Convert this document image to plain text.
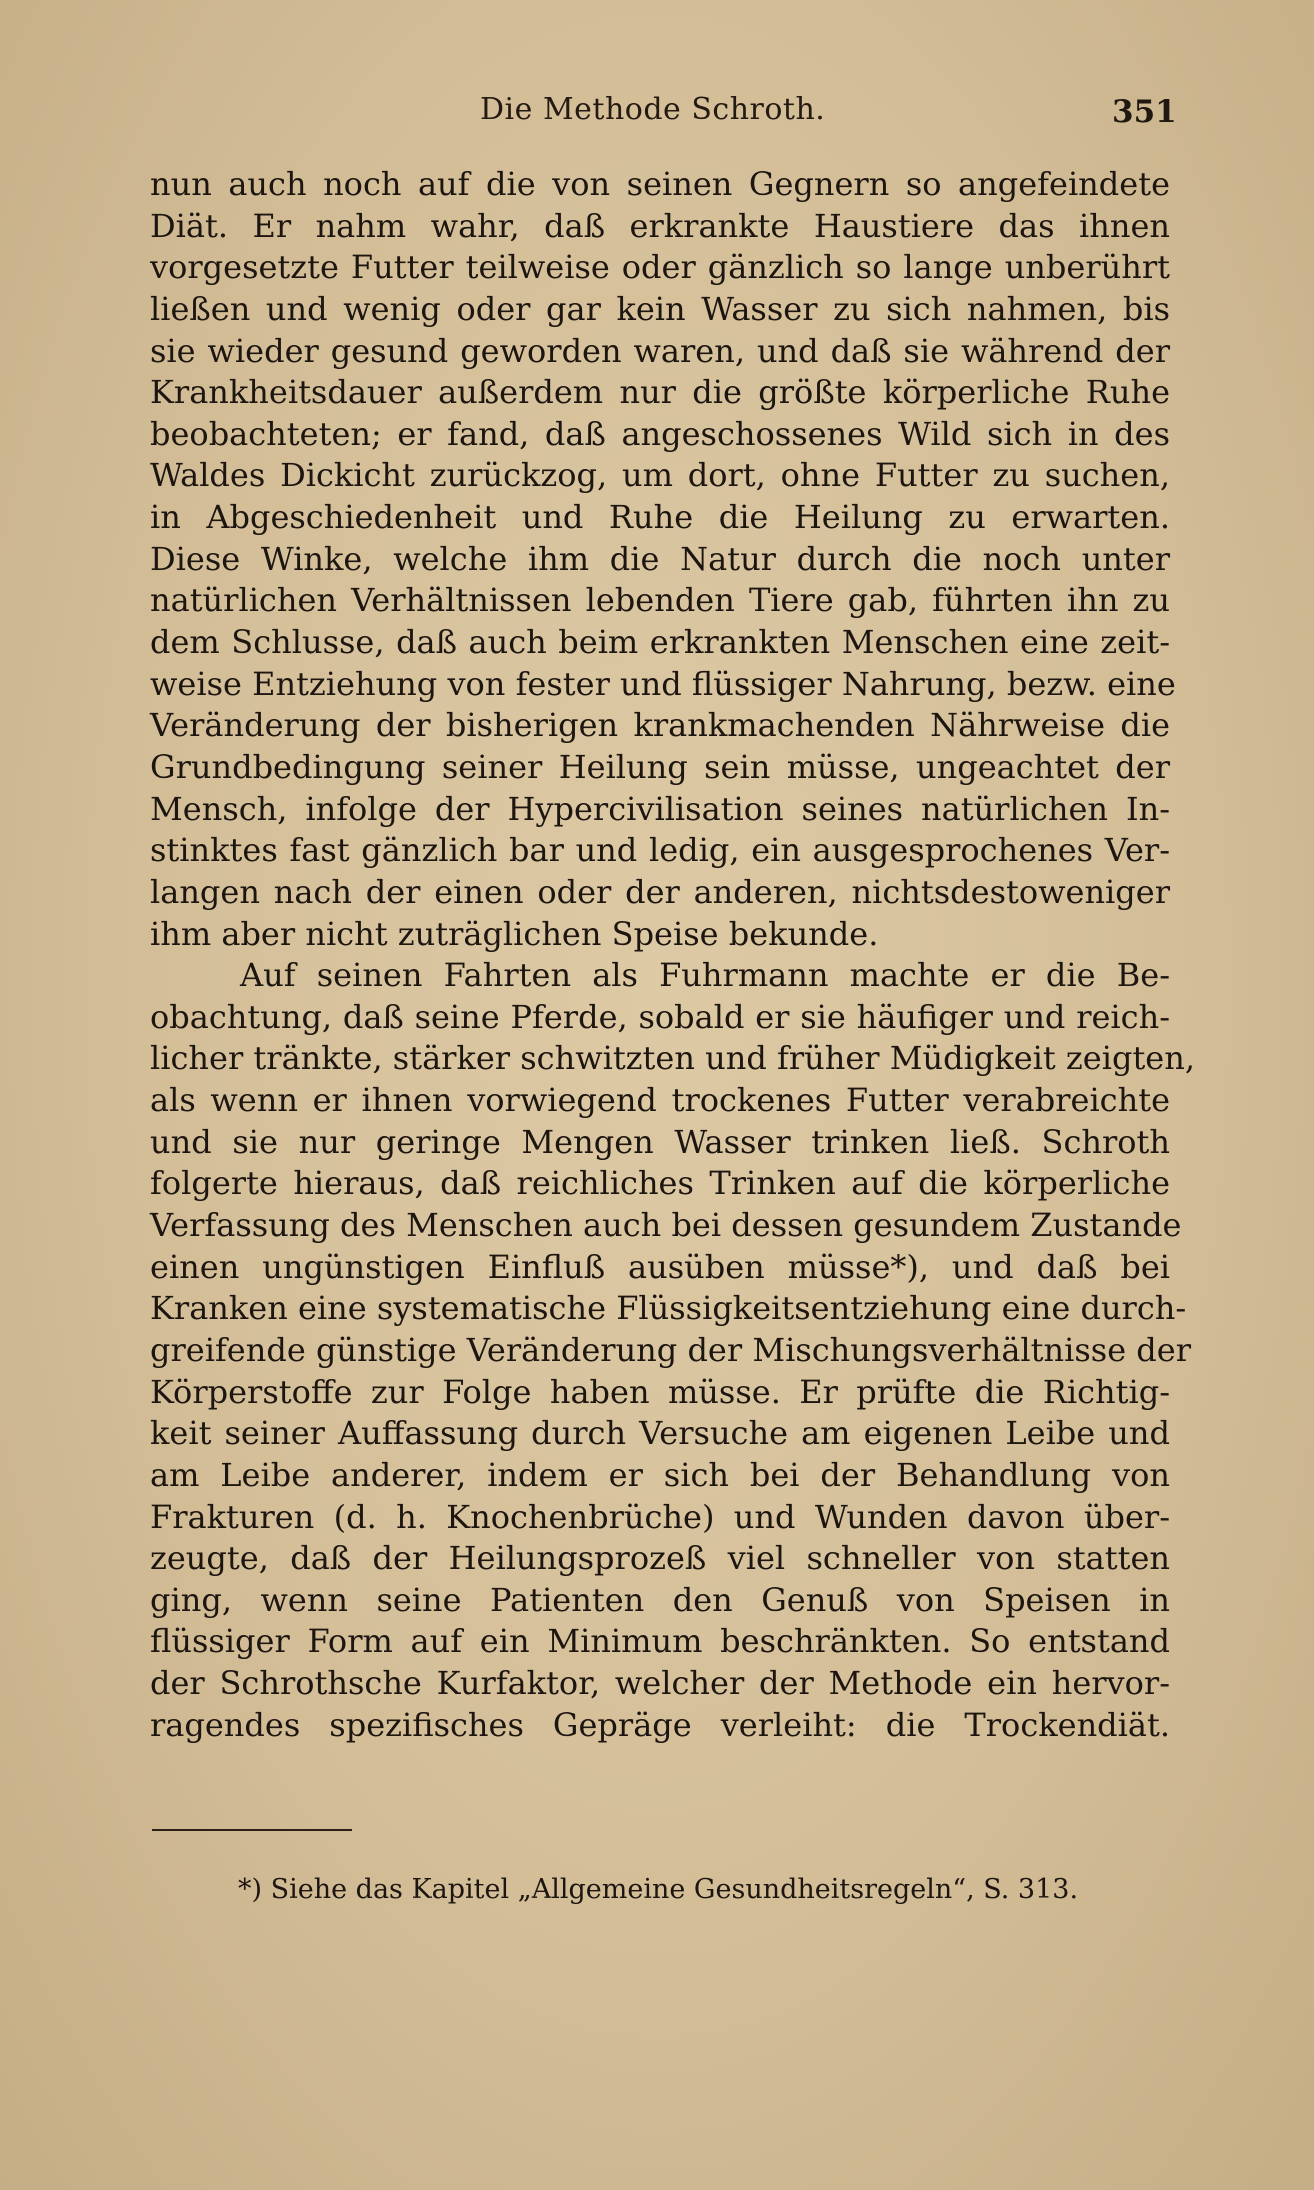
Die Methode Schroth.	351
nun auch noch auf die von seinen Gegnern so angefeindete
Diät. Er nahm wahr, daß erkrankte Haustiere das ihnen
vorgesetzte Futter teilweise oder gänzlich so lange unberührt
ließen und wenig oder gar kein Wasser zu sich nahmen, bis
sie wieder gesund geworden waren, und daß sie während der
Krankheitsdauer außerdem nur die größte körperliche Ruhe
beobachteten; er fand, daß angeschossenes Wild sich in des
Waldes Dickicht zurückzog, um dort, ohne Futter zu suchen,
in Abgeschiedenheit und Ruhe die Heilung zu erwarten.
Diese Winke, welche ihm die Natur durch die noch unter
natürlichen Verhältnissen lebenden Tiere gab, führten ihn zu
dem Schlusse, daß auch beim erkrankten Menschen eine zeit-
weise Entziehung von fester und flüssiger Nahrung, bezw. eine
Veränderung der bisherigen krankmachenden Nährweise die
Grundbedingung seiner Heilung sein müsse, ungeachtet der
Mensch, infolge der Hypercivilisation seines natürlichen In-
stinktes fast gänzlich bar und ledig, ein ausgesprochenes Ver-
langen nach der einen oder der anderen, nichtsdestoweniger
ihm aber nicht zuträglichen Speise bekunde.
Auf seinen Fahrten als Fuhrmann machte er die Be-
obachtung, daß seine Pferde, sobald er sie häufiger und reich-
licher tränkte, stärker schwitzten und früher Müdigkeit zeigten,
als wenn er ihnen vorwiegend trockenes Futter verabreichte
und sie nur geringe Mengen Wasser trinken ließ. Schroth
folgerte hieraus, daß reichliches Trinken auf die körperliche
Verfassung des Menschen auch bei dessen gesundem Zustande
einen ungünstigen Einfluß ausüben müsse*), und daß bei
Kranken eine systematische Flüssigkeitsentziehung eine durch-
greifende günstige Veränderung der Mischungsverhältnisse der
Körperstoffe zur Folge haben müsse. Er prüfte die Richtig-
keit seiner Auffassung durch Versuche am eigenen Leibe und
am Leibe anderer, indem er sich bei der Behandlung von
Frakturen (d. h. Knochenbrüche) und Wunden davon über-
zeugte, daß der Heilungsprozeß viel schneller von statten
ging, wenn seine Patienten den Genuß von Speisen in
flüssiger Form auf ein Minimum beschränkten. So entstand
der Schrothsche Kurfaktor, welcher der Methode ein hervor-
ragendes spezifisches Gepräge verleiht: die Trockendiät.
*) Siehe das Kapitel „Allgemeine Gesundheitsregeln“, S. 313.
